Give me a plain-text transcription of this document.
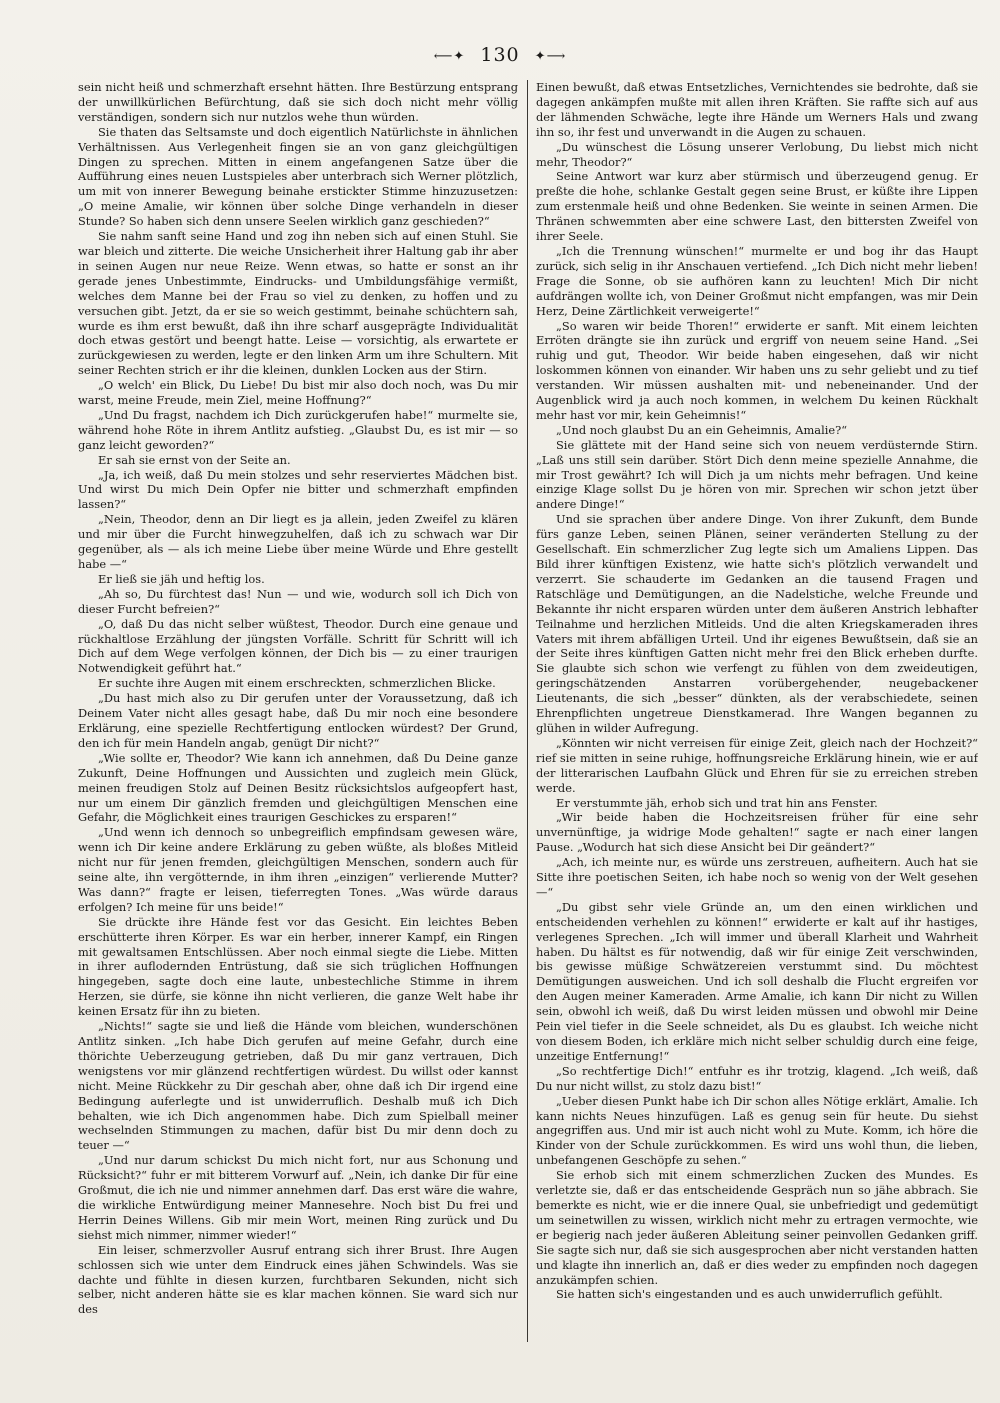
⟵✦ 130 ✦⟶

sein nicht heiß und schmerzhaft ersehnt hätten. Ihre Bestürzung entsprang der unwillkürlichen Befürchtung, daß sie sich doch nicht mehr völlig verständigen, sondern sich nur nutzlos wehe thun würden.

Sie thaten das Seltsamste und doch eigentlich Natürlichste in ähnlichen Verhältnissen. Aus Verlegenheit fingen sie an von ganz gleichgültigen Dingen zu sprechen. Mitten in einem angefangenen Satze über die Aufführung eines neuen Lustspieles aber unterbrach sich Werner plötzlich, um mit von innerer Bewegung beinahe erstickter Stimme hinzuzusetzen: „O meine Amalie, wir können über solche Dinge verhandeln in dieser Stunde? So haben sich denn unsere Seelen wirklich ganz geschieden?“

Sie nahm sanft seine Hand und zog ihn neben sich auf einen Stuhl. Sie war bleich und zitterte. Die weiche Unsicherheit ihrer Haltung gab ihr aber in seinen Augen nur neue Reize. Wenn etwas, so hatte er sonst an ihr gerade jenes Unbestimmte, Eindrucks- und Umbildungsfähige vermißt, welches dem Manne bei der Frau so viel zu denken, zu hoffen und zu versuchen gibt. Jetzt, da er sie so weich gestimmt, beinahe schüchtern sah, wurde es ihm erst bewußt, daß ihn ihre scharf ausgeprägte Individualität doch etwas gestört und beengt hatte. Leise — vorsichtig, als erwartete er zurückgewiesen zu werden, legte er den linken Arm um ihre Schultern. Mit seiner Rechten strich er ihr die kleinen, dunklen Locken aus der Stirn.

„O welch' ein Blick, Du Liebe! Du bist mir also doch noch, was Du mir warst, meine Freude, mein Ziel, meine Hoffnung?“

„Und Du fragst, nachdem ich Dich zurückgerufen habe!“ murmelte sie, während hohe Röte in ihrem Antlitz aufstieg. „Glaubst Du, es ist mir — so ganz leicht geworden?“

Er sah sie ernst von der Seite an.

„Ja, ich weiß, daß Du mein stolzes und sehr reserviertes Mädchen bist. Und wirst Du mich Dein Opfer nie bitter und schmerzhaft empfinden lassen?“

„Nein, Theodor, denn an Dir liegt es ja allein, jeden Zweifel zu klären und mir über die Furcht hinwegzuhelfen, daß ich zu schwach war Dir gegenüber, als — als ich meine Liebe über meine Würde und Ehre gestellt habe —“

Er ließ sie jäh und heftig los.

„Ah so, Du fürchtest das! Nun — und wie, wodurch soll ich Dich von dieser Furcht befreien?“

„O, daß Du das nicht selber wüßtest, Theodor. Durch eine genaue und rückhaltlose Erzählung der jüngsten Vorfälle. Schritt für Schritt will ich Dich auf dem Wege verfolgen können, der Dich bis — zu einer traurigen Notwendigkeit geführt hat.“

Er suchte ihre Augen mit einem erschreckten, schmerzlichen Blicke.

„Du hast mich also zu Dir gerufen unter der Voraussetzung, daß ich Deinem Vater nicht alles gesagt habe, daß Du mir noch eine besondere Erklärung, eine spezielle Rechtfertigung entlocken würdest? Der Grund, den ich für mein Handeln angab, genügt Dir nicht?“

„Wie sollte er, Theodor? Wie kann ich annehmen, daß Du Deine ganze Zukunft, Deine Hoffnungen und Aussichten und zugleich mein Glück, meinen freudigen Stolz auf Deinen Besitz rücksichtslos aufgeopfert hast, nur um einem Dir gänzlich fremden und gleichgültigen Menschen eine Gefahr, die Möglichkeit eines traurigen Geschickes zu ersparen!“

„Und wenn ich dennoch so unbegreiflich empfindsam gewesen wäre, wenn ich Dir keine andere Erklärung zu geben wüßte, als bloßes Mitleid nicht nur für jenen fremden, gleichgültigen Menschen, sondern auch für seine alte, ihn vergötternde, in ihm ihren „einzigen“ verlierende Mutter? Was dann?“ fragte er leisen, tieferregten Tones. „Was würde daraus erfolgen? Ich meine für uns beide!“

Sie drückte ihre Hände fest vor das Gesicht. Ein leichtes Beben erschütterte ihren Körper. Es war ein herber, innerer Kampf, ein Ringen mit gewaltsamen Entschlüssen. Aber noch einmal siegte die Liebe. Mitten in ihrer auflodernden Entrüstung, daß sie sich trüglichen Hoffnungen hingegeben, sagte doch eine laute, unbestechliche Stimme in ihrem Herzen, sie dürfe, sie könne ihn nicht verlieren, die ganze Welt habe ihr keinen Ersatz für ihn zu bieten.

„Nichts!“ sagte sie und ließ die Hände vom bleichen, wunderschönen Antlitz sinken. „Ich habe Dich gerufen auf meine Gefahr, durch eine thörichte Ueberzeugung getrieben, daß Du mir ganz vertrauen, Dich wenigstens vor mir glänzend rechtfertigen würdest. Du willst oder kannst nicht. Meine Rückkehr zu Dir geschah aber, ohne daß ich Dir irgend eine Bedingung auferlegte und ist unwiderruflich. Deshalb muß ich Dich behalten, wie ich Dich angenommen habe. Dich zum Spielball meiner wechselnden Stimmungen zu machen, dafür bist Du mir denn doch zu teuer —“

„Und nur darum schickst Du mich nicht fort, nur aus Schonung und Rücksicht?“ fuhr er mit bitterem Vorwurf auf. „Nein, ich danke Dir für eine Großmut, die ich nie und nimmer annehmen darf. Das erst wäre die wahre, die wirkliche Entwürdigung meiner Mannesehre. Noch bist Du frei und Herrin Deines Willens. Gib mir mein Wort, meinen Ring zurück und Du siehst mich nimmer, nimmer wieder!“

Ein leiser, schmerzvoller Ausruf entrang sich ihrer Brust. Ihre Augen schlossen sich wie unter dem Eindruck eines jähen Schwindels. Was sie dachte und fühlte in diesen kurzen, furchtbaren Sekunden, nicht sich selber, nicht anderen hätte sie es klar machen können. Sie ward sich nur des

Einen bewußt, daß etwas Entsetzliches, Vernichtendes sie bedrohte, daß sie dagegen ankämpfen mußte mit allen ihren Kräften. Sie raffte sich auf aus der lähmenden Schwäche, legte ihre Hände um Werners Hals und zwang ihn so, ihr fest und unverwandt in die Augen zu schauen.

„Du wünschest die Lösung unserer Verlobung, Du liebst mich nicht mehr, Theodor?“

Seine Antwort war kurz aber stürmisch und überzeugend genug. Er preßte die hohe, schlanke Gestalt gegen seine Brust, er küßte ihre Lippen zum erstenmale heiß und ohne Bedenken. Sie weinte in seinen Armen. Die Thränen schwemmten aber eine schwere Last, den bittersten Zweifel von ihrer Seele.

„Ich die Trennung wünschen!“ murmelte er und bog ihr das Haupt zurück, sich selig in ihr Anschauen vertiefend. „Ich Dich nicht mehr lieben! Frage die Sonne, ob sie aufhören kann zu leuchten! Mich Dir nicht aufdrängen wollte ich, von Deiner Großmut nicht empfangen, was mir Dein Herz, Deine Zärtlichkeit verweigerte!“

„So waren wir beide Thoren!“ erwiderte er sanft. Mit einem leichten Erröten drängte sie ihn zurück und ergriff von neuem seine Hand. „Sei ruhig und gut, Theodor. Wir beide haben eingesehen, daß wir nicht loskommen können von einander. Wir haben uns zu sehr geliebt und zu tief verstanden. Wir müssen aushalten mit- und nebeneinander. Und der Augenblick wird ja auch noch kommen, in welchem Du keinen Rückhalt mehr hast vor mir, kein Geheimnis!“

„Und noch glaubst Du an ein Geheimnis, Amalie?“

Sie glättete mit der Hand seine sich von neuem verdüsternde Stirn. „Laß uns still sein darüber. Stört Dich denn meine spezielle Annahme, die mir Trost gewährt? Ich will Dich ja um nichts mehr befragen. Und keine einzige Klage sollst Du je hören von mir. Sprechen wir schon jetzt über andere Dinge!“

Und sie sprachen über andere Dinge. Von ihrer Zukunft, dem Bunde fürs ganze Leben, seinen Plänen, seiner veränderten Stellung zu der Gesellschaft. Ein schmerzlicher Zug legte sich um Amaliens Lippen. Das Bild ihrer künftigen Existenz, wie hatte sich's plötzlich verwandelt und verzerrt. Sie schauderte im Gedanken an die tausend Fragen und Ratschläge und Demütigungen, an die Nadelstiche, welche Freunde und Bekannte ihr nicht ersparen würden unter dem äußeren Anstrich lebhafter Teilnahme und herzlichen Mitleids. Und die alten Kriegskameraden ihres Vaters mit ihrem abfälligen Urteil. Und ihr eigenes Bewußtsein, daß sie an der Seite ihres künftigen Gatten nicht mehr frei den Blick erheben durfte. Sie glaubte sich schon wie verfengt zu fühlen von dem zweideutigen, geringschätzenden Anstarren vorübergehender, neugebackener Lieutenants, die sich „besser“ dünkten, als der verabschiedete, seinen Ehrenpflichten ungetreue Dienstkamerad. Ihre Wangen begannen zu glühen in wilder Aufregung.

„Könnten wir nicht verreisen für einige Zeit, gleich nach der Hochzeit?“ rief sie mitten in seine ruhige, hoffnungsreiche Erklärung hinein, wie er auf der litterarischen Laufbahn Glück und Ehren für sie zu erreichen streben werde.

Er verstummte jäh, erhob sich und trat hin ans Fenster.

„Wir beide haben die Hochzeitsreisen früher für eine sehr unvernünftige, ja widrige Mode gehalten!“ sagte er nach einer langen Pause. „Wodurch hat sich diese Ansicht bei Dir geändert?“

„Ach, ich meinte nur, es würde uns zerstreuen, aufheitern. Auch hat sie Sitte ihre poetischen Seiten, ich habe noch so wenig von der Welt gesehen —“

„Du gibst sehr viele Gründe an, um den einen wirklichen und entscheidenden verhehlen zu können!“ erwiderte er kalt auf ihr hastiges, verlegenes Sprechen. „Ich will immer und überall Klarheit und Wahrheit haben. Du hältst es für notwendig, daß wir für einige Zeit verschwinden, bis gewisse müßige Schwätzereien verstummt sind. Du möchtest Demütigungen ausweichen. Und ich soll deshalb die Flucht ergreifen vor den Augen meiner Kameraden. Arme Amalie, ich kann Dir nicht zu Willen sein, obwohl ich weiß, daß Du wirst leiden müssen und obwohl mir Deine Pein viel tiefer in die Seele schneidet, als Du es glaubst. Ich weiche nicht von diesem Boden, ich erkläre mich nicht selber schuldig durch eine feige, unzeitige Entfernung!“

„So rechtfertige Dich!“ entfuhr es ihr trotzig, klagend. „Ich weiß, daß Du nur nicht willst, zu stolz dazu bist!“

„Ueber diesen Punkt habe ich Dir schon alles Nötige erklärt, Amalie. Ich kann nichts Neues hinzufügen. Laß es genug sein für heute. Du siehst angegriffen aus. Und mir ist auch nicht wohl zu Mute. Komm, ich höre die Kinder von der Schule zurückkommen. Es wird uns wohl thun, die lieben, unbefangenen Geschöpfe zu sehen.“

Sie erhob sich mit einem schmerzlichen Zucken des Mundes. Es verletzte sie, daß er das entscheidende Gespräch nun so jähe abbrach. Sie bemerkte es nicht, wie er die innere Qual, sie unbefriedigt und gedemütigt um seinetwillen zu wissen, wirklich nicht mehr zu ertragen vermochte, wie er begierig nach jeder äußeren Ableitung seiner peinvollen Gedanken griff. Sie sagte sich nur, daß sie sich ausgesprochen aber nicht verstanden hatten und klagte ihn innerlich an, daß er dies weder zu empfinden noch dagegen anzukämpfen schien.

Sie hatten sich's eingestanden und es auch unwiderruflich gefühlt.
